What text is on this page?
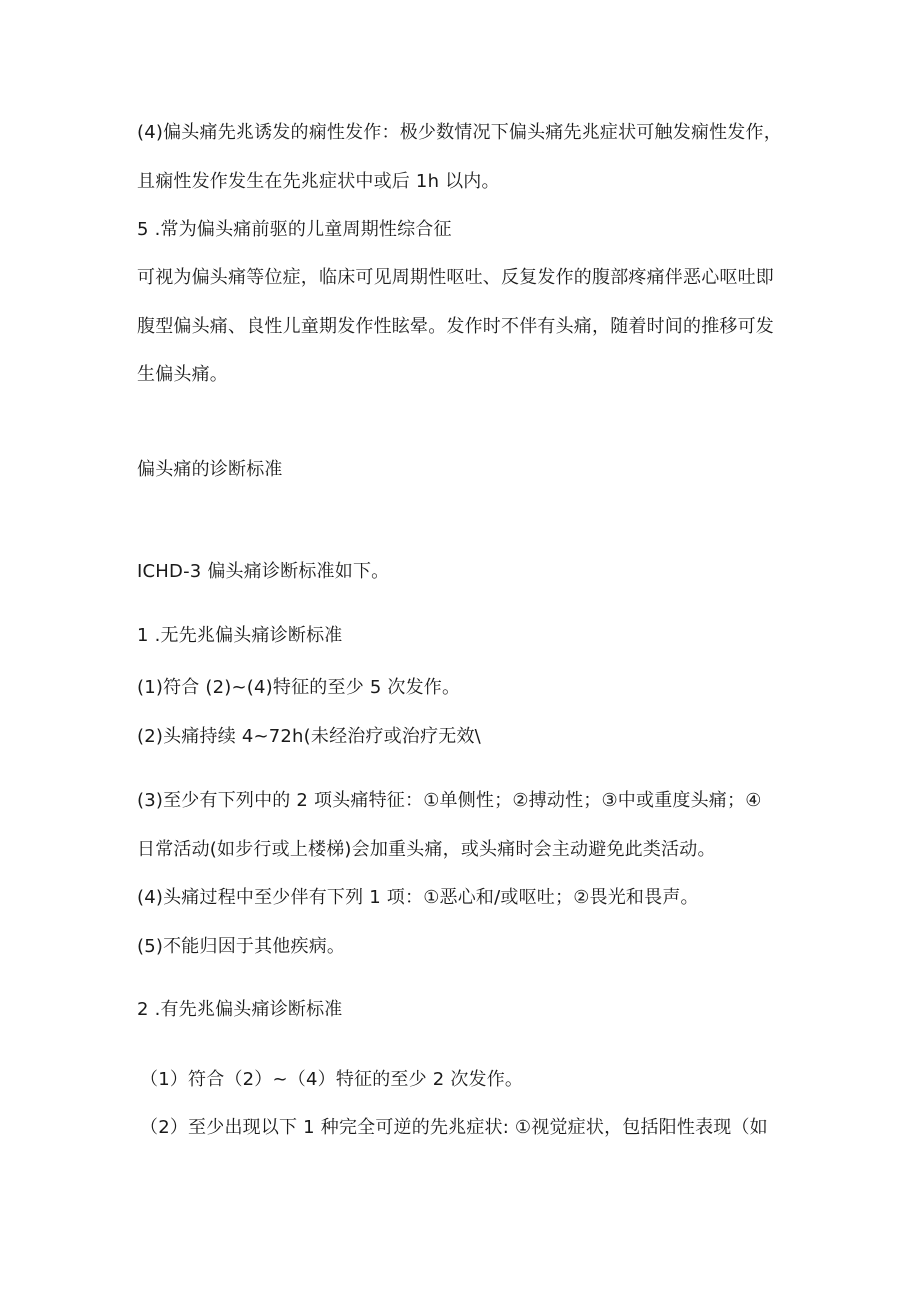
(4)偏头痛先兆诱发的痫性发作：极少数情况下偏头痛先兆症状可触发痫性发作，
且痫性发作发生在先兆症状中或后 1h 以内。
5 .常为偏头痛前驱的儿童周期性综合征
可视为偏头痛等位症，临床可见周期性呕吐、反复发作的腹部疼痛伴恶心呕吐即
腹型偏头痛、良性儿童期发作性眩晕。发作时不伴有头痛，随着时间的推移可发
生偏头痛。
偏头痛的诊断标准
ICHD-3 偏头痛诊断标准如下。
1 .无先兆偏头痛诊断标准
(1)符合 (2)~(4)特征的至少 5 次发作。
(2)头痛持续 4~72h(未经治疗或治疗无效\
(3)至少有下列中的 2 项头痛特征：①单侧性；②搏动性；③中或重度头痛；④
日常活动(如步行或上楼梯)会加重头痛，或头痛时会主动避免此类活动。
(4)头痛过程中至少伴有下列 1 项：①恶心和/或呕吐；②畏光和畏声。
(5)不能归因于其他疾病。
2 .有先兆偏头痛诊断标准
（1）符合（2）~（4）特征的至少 2 次发作。
（2）至少出现以下 1 种完全可逆的先兆症状: ①视觉症状，包括阳性表现（如
